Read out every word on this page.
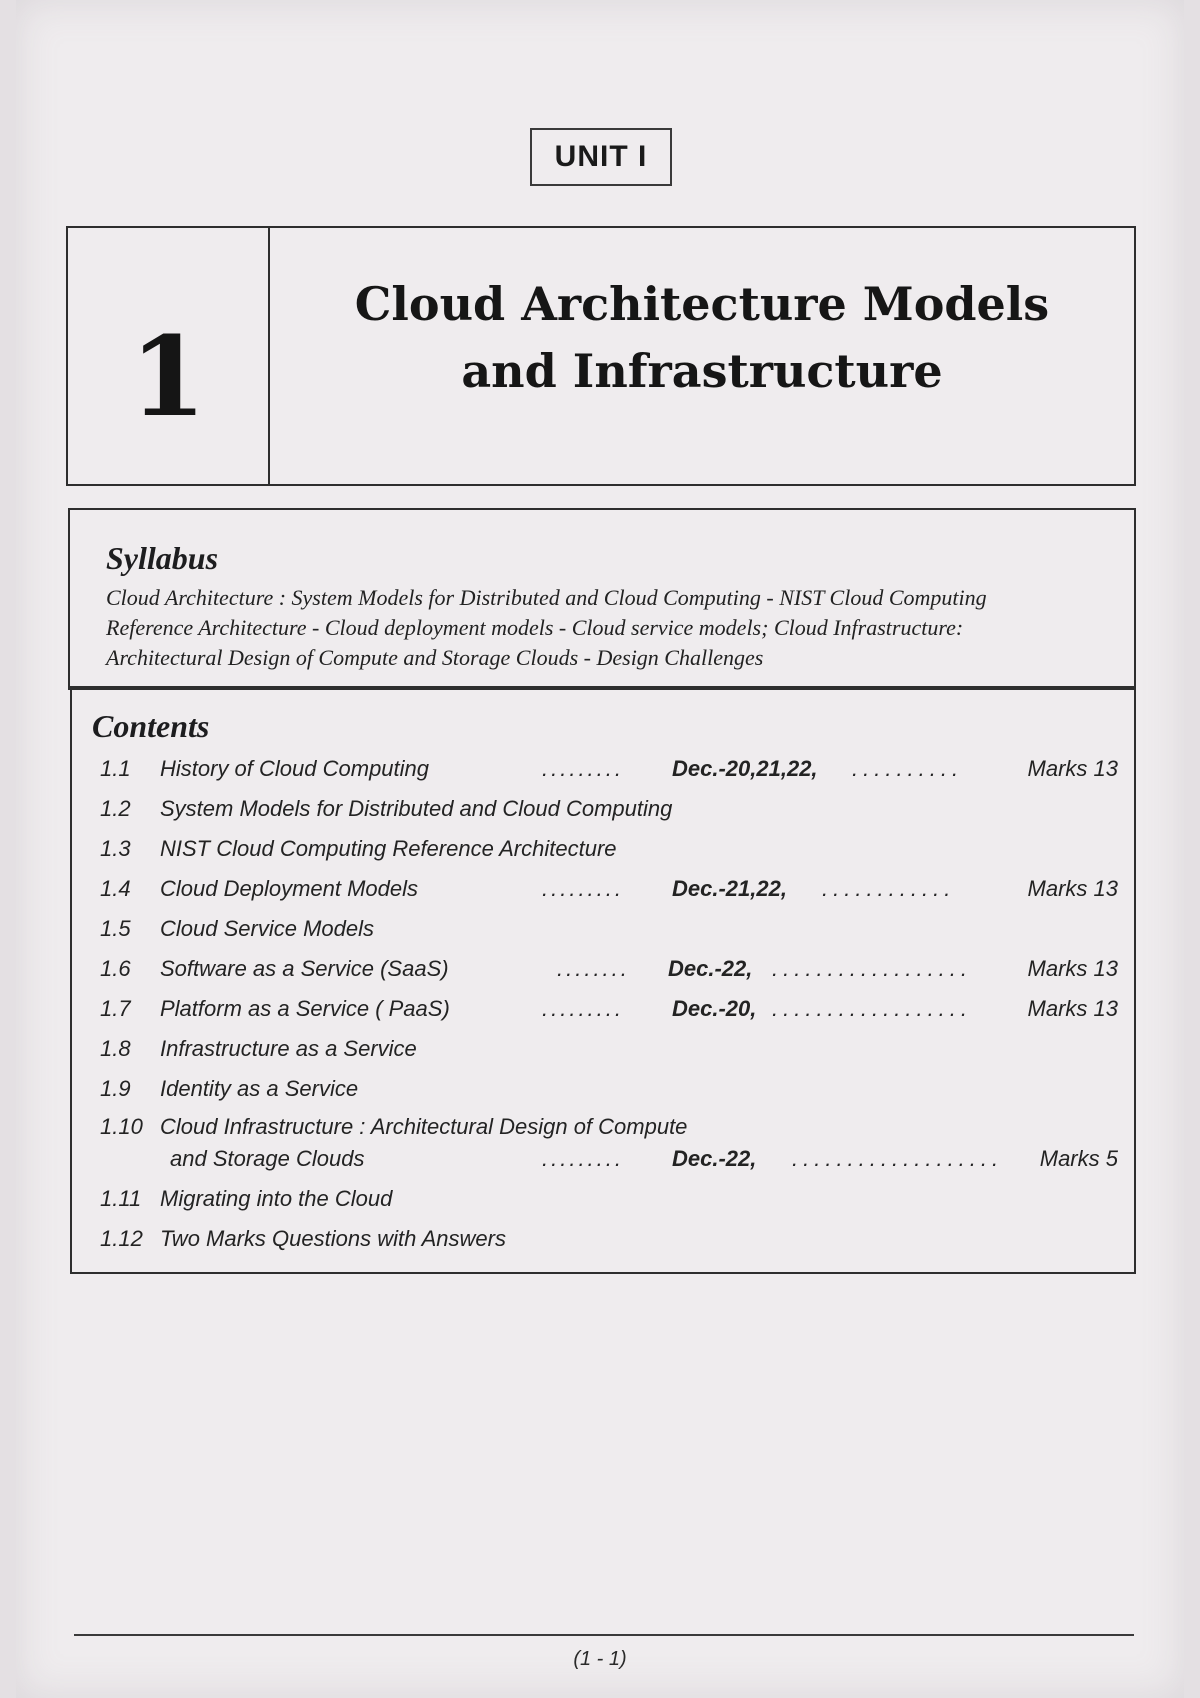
UNIT I
1
Cloud Architecture Models
and Infrastructure
Syllabus
Cloud Architecture : System Models for Distributed and Cloud Computing - NIST Cloud Computing
Reference Architecture - Cloud deployment models - Cloud service models; Cloud Infrastructure:
Architectural Design of Compute and Storage Clouds - Design Challenges
Contents
1.1	History of Cloud Computing	......... Dec.-20,21,22, ..........	Marks 13
1.2	System Models for Distributed and Cloud Computing
1.3	NIST Cloud Computing Reference Architecture
1.4	Cloud Deployment Models	......... Dec.-21,22, ............	Marks 13
1.5	Cloud Service Models
1.6	Software as a Service (SaaS)	........ Dec.-22, ..................	Marks 13
1.7	Platform as a Service ( PaaS)	......... Dec.-20, ..................	Marks 13
1.8	Infrastructure as a Service
1.9	Identity as a Service
1.10 Cloud Infrastructure : Architectural Design of Compute
and Storage Clouds	......... Dec.-22, ................... Marks 5
1.11 Migrating into the Cloud
1.12 Two Marks Questions with Answers
(1 - 1)
